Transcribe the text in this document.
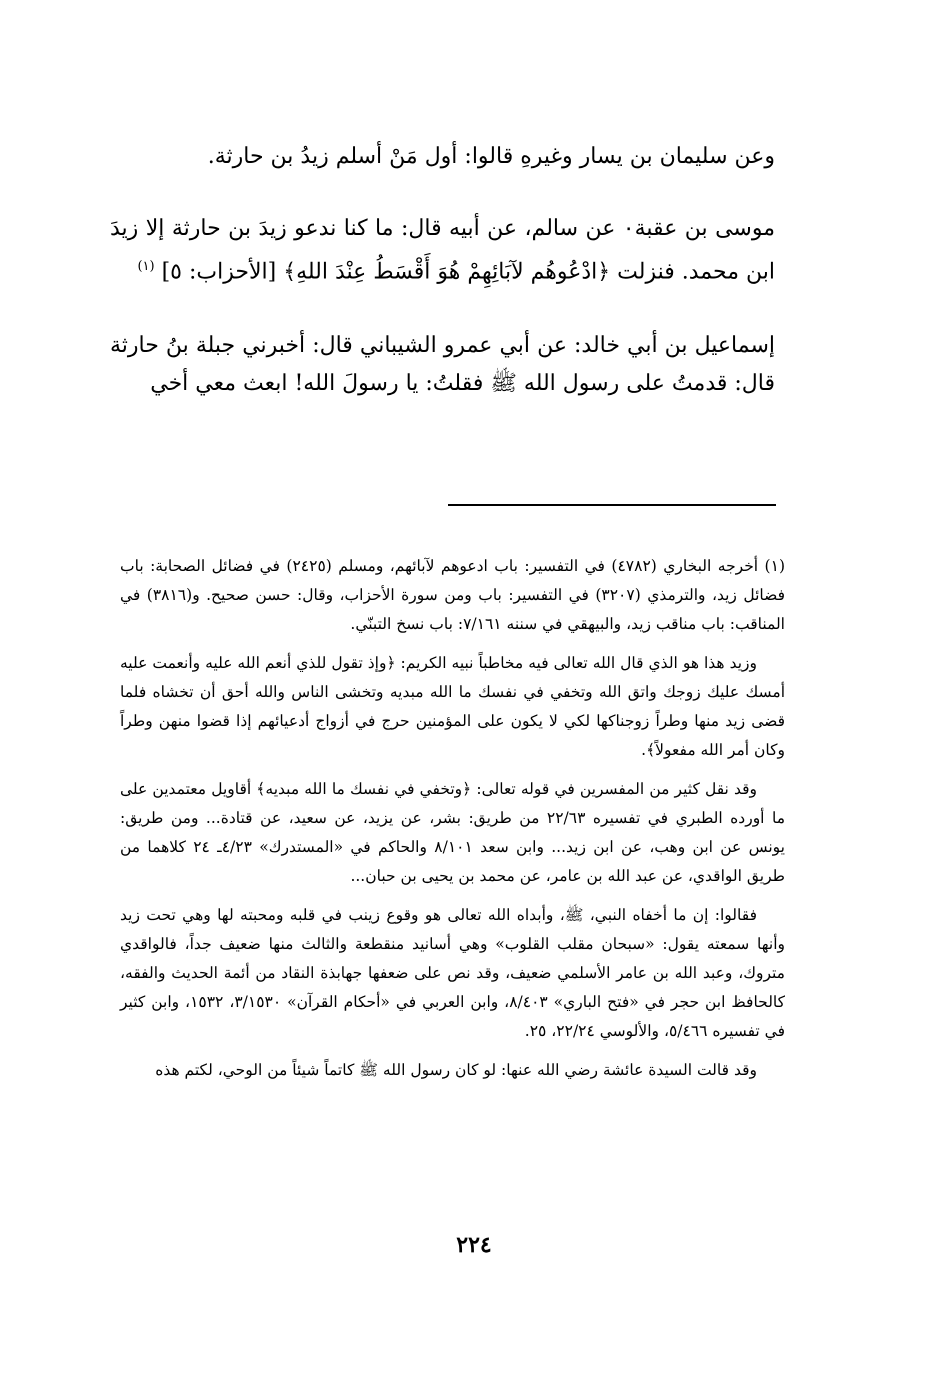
وعن سليمان بن يسار وغيرهِ قالوا: أول مَنْ أسلم زيدُ بن حارثة.

موسى بن عقبة٠ عن سالم، عن أبيه قال: ما كنا ندعو زيدَ بن حارثة إلا زيدَ ابن محمد. فنزلت ﴿ادْعُوهُم لآبَائِهِمْ هُوَ أَقْسَطُ عِنْدَ اللهِ﴾ [الأحزاب: ٥] $^{(١)}$

إسماعيل بن أبي خالد: عن أبي عمرو الشيباني قال: أخبرني جبلة بنُ حارثة قال: قدمتُ على رسول الله ﷺ فقلتُ: يا رسولَ الله! ابعث معي أخي

(١) أخرجه البخاري (٤٧٨٢) في التفسير: باب ادعوهم لآبائهم، ومسلم (٢٤٢٥) في فضائل الصحابة: باب فضائل زيد، والترمذي (٣٢٠٧) في التفسير: باب ومن سورة الأحزاب، وقال: حسن صحيح. و(٣٨١٦) في المناقب: باب مناقب زيد، والبيهقي في سننه ٧/١٦١: باب نسخ التبنّي.

وزيد هذا هو الذي قال الله تعالى فيه مخاطباً نبيه الكريم: ﴿وإذ تقول للذي أنعم الله عليه وأنعمت عليه أمسك عليك زوجك واتق الله وتخفي في نفسك ما الله مبديه وتخشى الناس والله أحق أن تخشاه فلما قضى زيد منها وطراً زوجناكها لكي لا يكون على المؤمنين حرج في أزواج أدعيائهم إذا قضوا منهن وطراً وكان أمر الله مفعولاً﴾.

وقد نقل كثير من المفسرين في قوله تعالى: ﴿وتخفي في نفسك ما الله مبديه﴾ أقاويل معتمدين على ما أورده الطبري في تفسيره ٢٢/٦٣ من طريق: بشر، عن يزيد، عن سعيد، عن قتادة... ومن طريق: يونس عن ابن وهب، عن ابن زيد... وابن سعد ٨/١٠١ والحاكم في «المستدرك» ٤/٢٣ـ ٢٤ كلاهما من طريق الواقدي، عن عبد الله بن عامر، عن محمد بن يحيى بن حبان...

فقالوا: إن ما أخفاه النبي، ﷺ، وأبداه الله تعالى هو وقوع زينب في قلبه ومحبته لها وهي تحت زيد وأنها سمعته يقول: «سبحان مقلب القلوب» وهي أسانيد منقطعة والثالث منها ضعيف جداً، فالواقدي متروك، وعبد الله بن عامر الأسلمي ضعيف، وقد نص على ضعفها جهابذة النقاد من أئمة الحديث والفقه، كالحافظ ابن حجر في «فتح الباري» ٨/٤٠٣، وابن العربي في «أحكام القرآن» ٣/١٥٣٠، ١٥٣٢، وابن كثير في تفسيره ٥/٤٦٦، والألوسي ٢٢/٢٤، ٢٥.

وقد قالت السيدة عائشة رضي الله عنها: لو كان رسول الله ﷺ كاتماً شيئاً من الوحي، لكتم هذه

٢٢٤
